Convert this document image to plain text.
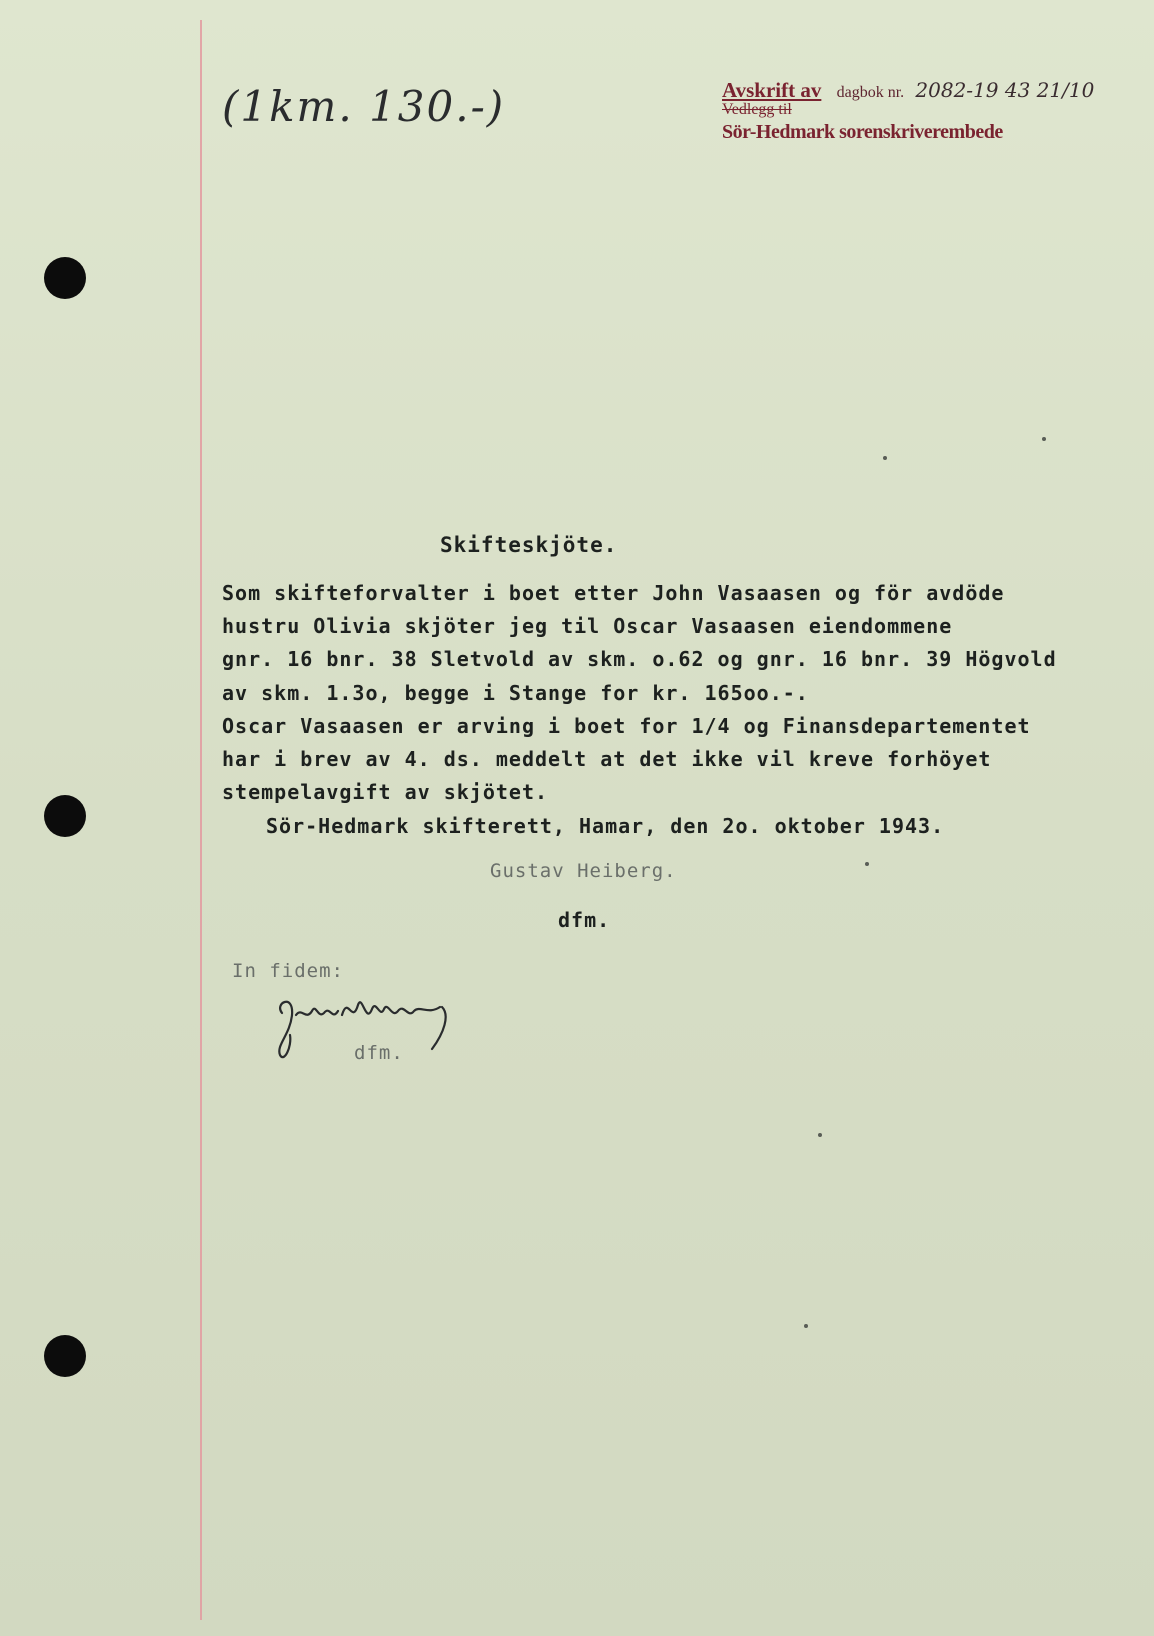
(1km. 130.-)	Avskrift av dagbok nr. 2082-19 43 21/10
Vedlegg til
Sör-Hedmark sorenskriverembede
Skifteskjöte.
Som skifteforvalter i boet etter John Vasaasen og för avdöde
hustru Olivia skjöter jeg til Oscar Vasaasen eiendommene
gnr. 16 bnr. 38 Sletvold av skm. o.62 og gnr. 16 bnr. 39 Högvold
av skm. 1.3o, begge i Stange for kr. 165oo.-.
Oscar Vasaasen er arving i boet for 1/4 og Finansdepartementet
har i brev av 4. ds. meddelt at det ikke vil kreve forhöyet
stempelavgift av skjötet.
Sör-Hedmark skifterett, Hamar, den 2o. oktober 1943.
Gustav Heiberg.
dfm.
In fidem:
dfm.
